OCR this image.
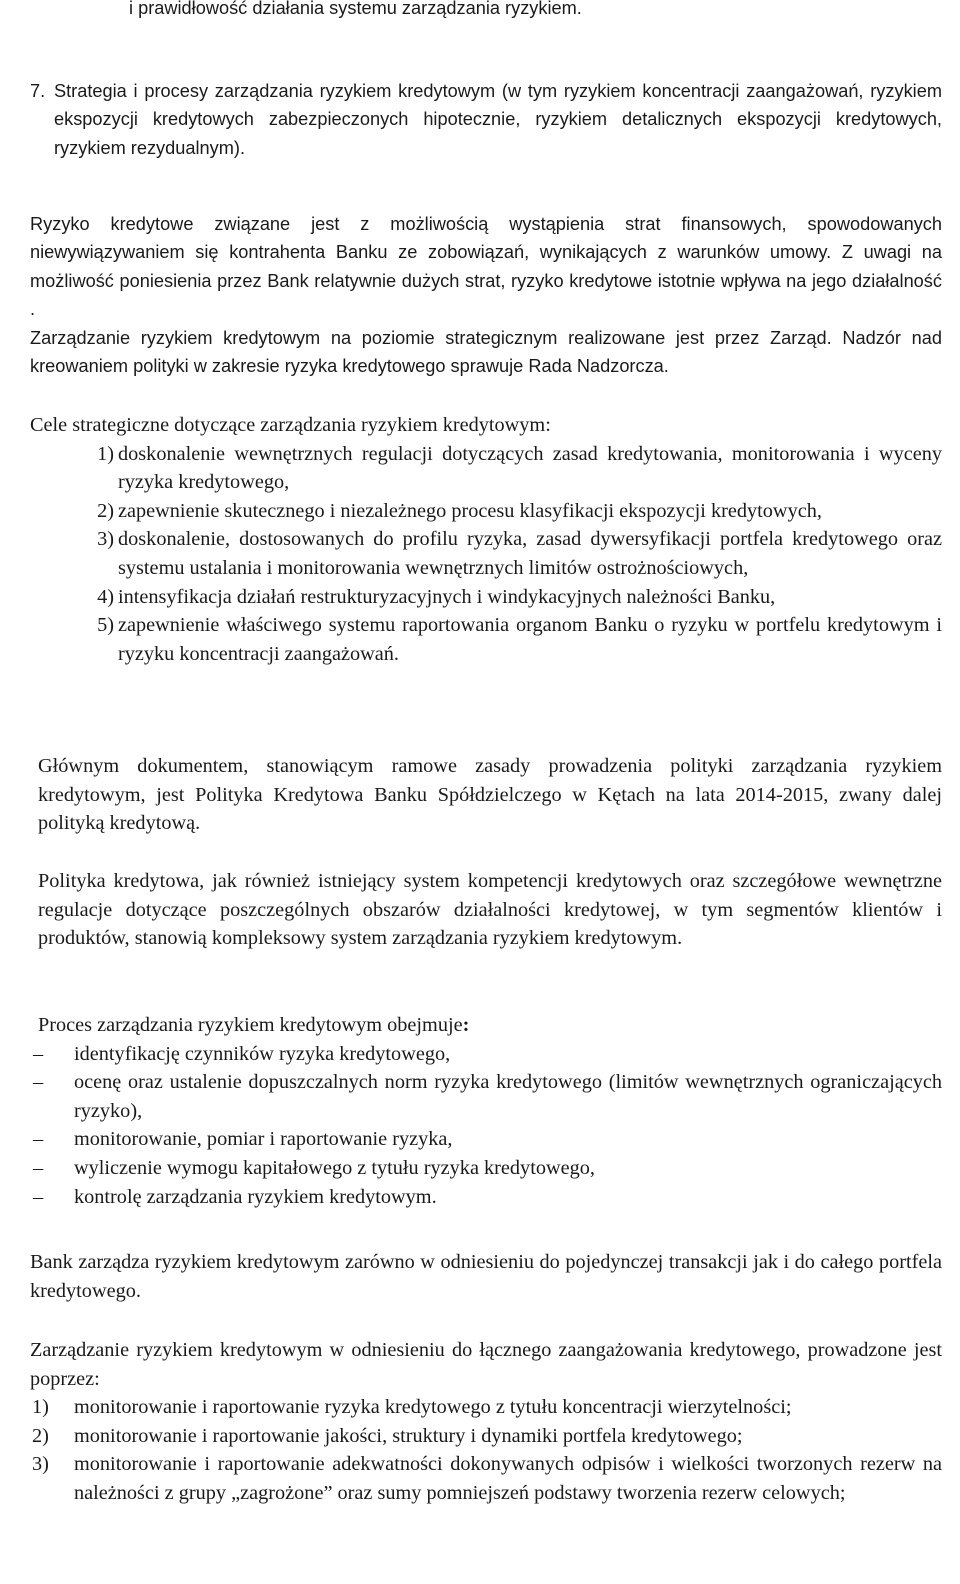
i prawidłowość działania systemu zarządzania ryzykiem.

7. Strategia i procesy zarządzania ryzykiem kredytowym (w tym ryzykiem koncentracji zaangażowań, ryzykiem ekspozycji kredytowych zabezpieczonych hipotecznie, ryzykiem detalicznych ekspozycji kredytowych, ryzykiem rezydualnym).

Ryzyko kredytowe związane jest z możliwością wystąpienia strat finansowych, spowodowanych niewywiązywaniem się kontrahenta Banku ze zobowiązań, wynikających z warunków umowy. Z uwagi na możliwość poniesienia przez Bank relatywnie dużych strat, ryzyko kredytowe istotnie wpływa na jego działalność .

Zarządzanie ryzykiem kredytowym na poziomie strategicznym realizowane jest przez Zarząd. Nadzór nad kreowaniem polityki w zakresie ryzyka kredytowego sprawuje Rada Nadzorcza.

Cele strategiczne dotyczące zarządzania ryzykiem kredytowym:

1) doskonalenie wewnętrznych regulacji dotyczących zasad kredytowania, monitorowania i wyceny ryzyka kredytowego,
2) zapewnienie skutecznego i niezależnego procesu klasyfikacji ekspozycji kredytowych,
3) doskonalenie, dostosowanych do profilu ryzyka, zasad dywersyfikacji portfela kredytowego oraz systemu ustalania i monitorowania wewnętrznych limitów ostrożnościowych,
4) intensyfikacja działań restrukturyzacyjnych i windykacyjnych należności Banku,
5) zapewnienie właściwego systemu raportowania organom Banku o ryzyku w portfelu kredytowym i ryzyku koncentracji zaangażowań.

Głównym dokumentem, stanowiącym ramowe zasady prowadzenia polityki zarządzania ryzykiem kredytowym, jest Polityka Kredytowa Banku Spółdzielczego w Kętach na lata 2014-2015, zwany dalej polityką kredytową.

Polityka kredytowa, jak również istniejący system kompetencji kredytowych oraz szczegółowe wewnętrzne regulacje dotyczące poszczególnych obszarów działalności kredytowej, w tym segmentów klientów i produktów, stanowią kompleksowy system zarządzania ryzykiem kredytowym.

Proces zarządzania ryzykiem kredytowym obejmuje:

–	identyfikację czynników ryzyka kredytowego,
–	ocenę oraz ustalenie dopuszczalnych norm ryzyka kredytowego (limitów wewnętrznych ograniczających ryzyko),
–	monitorowanie, pomiar i raportowanie ryzyka,
–	wyliczenie wymogu kapitałowego z tytułu ryzyka kredytowego,
–	kontrolę zarządzania ryzykiem kredytowym.

Bank zarządza ryzykiem kredytowym zarówno w odniesieniu do pojedynczej transakcji jak i do całego portfela kredytowego.

Zarządzanie ryzykiem kredytowym w odniesieniu do łącznego zaangażowania kredytowego, prowadzone jest poprzez:

1)	monitorowanie i raportowanie ryzyka kredytowego z tytułu koncentracji wierzytelności;
2)	monitorowanie i raportowanie jakości, struktury i dynamiki portfela kredytowego;
3)	monitorowanie i raportowanie adekwatności dokonywanych odpisów i wielkości tworzonych rezerw na należności z grupy „zagrożone” oraz sumy pomniejszeń podstawy tworzenia rezerw celowych;
